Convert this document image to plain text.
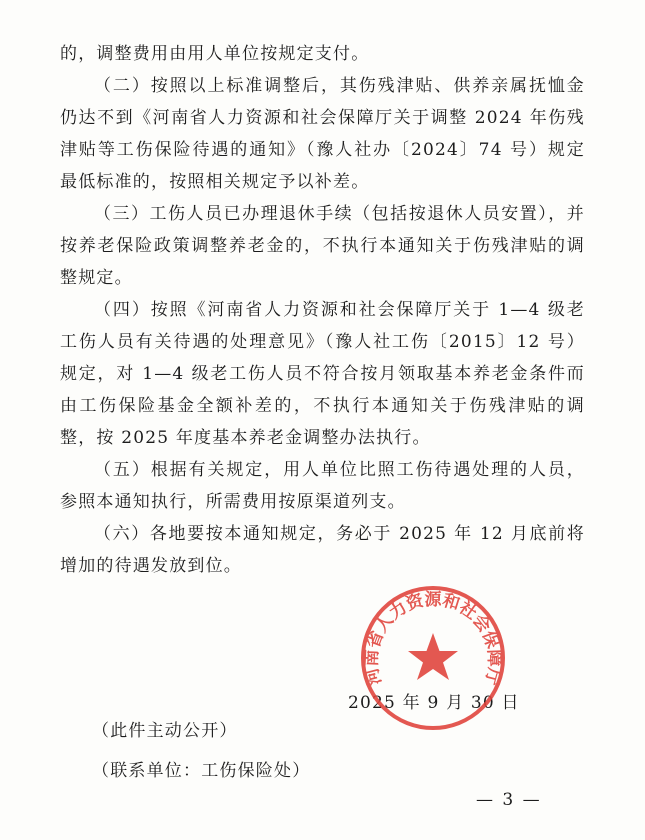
的，调整费用由用人单位按规定支付。

（二）按照以上标准调整后，其伤残津贴、供养亲属抚恤金仍达不到《河南省人力资源和社会保障厅关于调整 2024 年伤残津贴等工伤保险待遇的通知》（豫人社办〔2024〕74 号）规定最低标准的，按照相关规定予以补差。

（三）工伤人员已办理退休手续（包括按退休人员安置），并按养老保险政策调整养老金的，不执行本通知关于伤残津贴的调整规定。

（四）按照《河南省人力资源和社会保障厅关于 1—4 级老工伤人员有关待遇的处理意见》（豫人社工伤〔2015〕12 号）规定，对 1—4 级老工伤人员不符合按月领取基本养老金条件而由工伤保险基金全额补差的，不执行本通知关于伤残津贴的调整，按 2025 年度基本养老金调整办法执行。

（五）根据有关规定，用人单位比照工伤待遇处理的人员，参照本通知执行，所需费用按原渠道列支。

（六）各地要按本通知规定，务必于 2025 年 12 月底前将增加的待遇发放到位。

2025 年 9 月 30 日
河南省人力资源和社会保障厅
（此件主动公开）
（联系单位：工伤保险处）
— 3 —
